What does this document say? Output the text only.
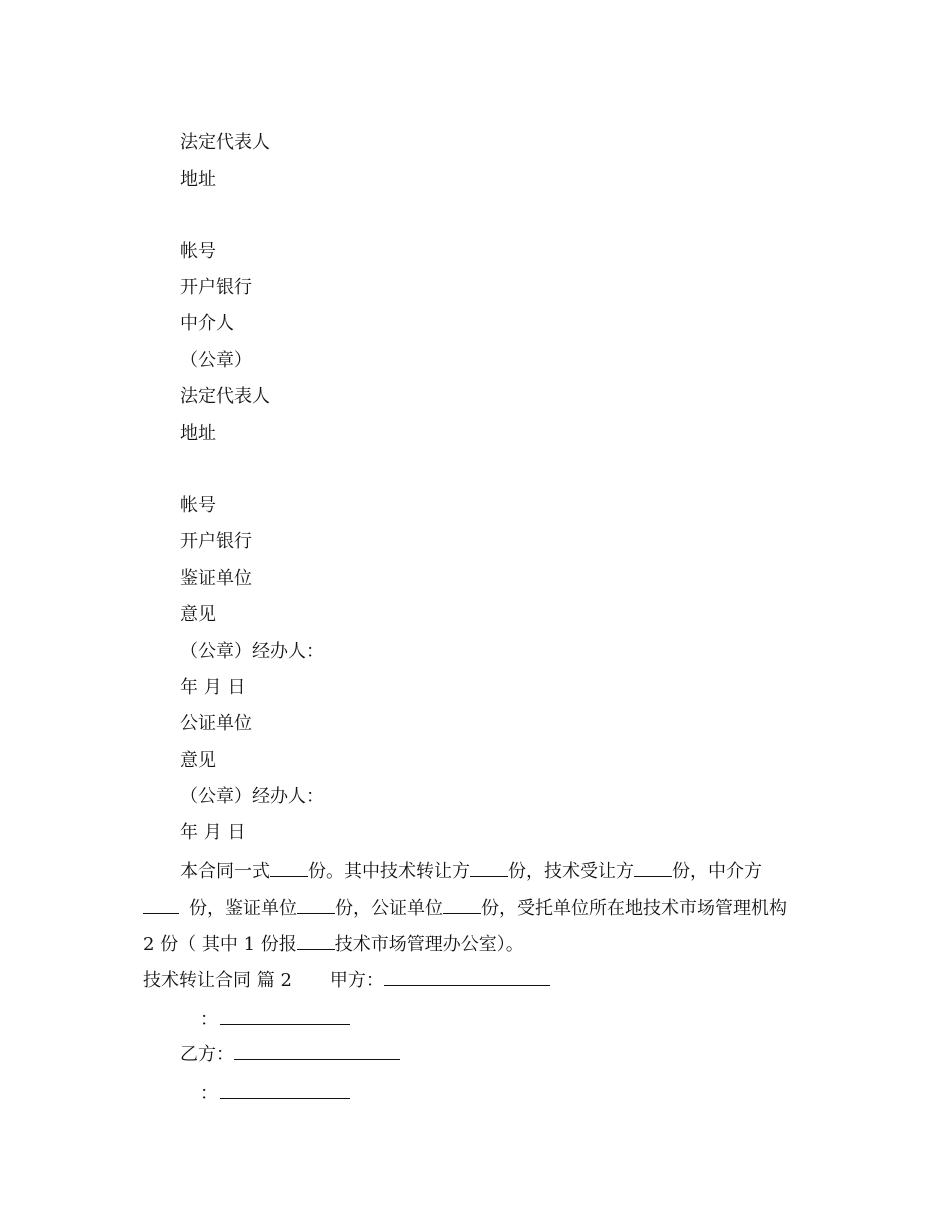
法定代表人
地址
帐号
开户银行
中介人
（公章）
法定代表人
地址
帐号
开户银行
鉴证单位
意见
（公章）经办人：
年 月 日
公证单位
意见
（公章）经办人：
年 月 日
本合同一式 份。其中技术转让方 份，技术受让方 份，中介方
份，鉴证单位 份，公证单位 份，受托单位所在地技术市场管理机构
2 份（ 其中 1 份报 技术市场管理办公室）。
技术转让合同 篇 2 甲方：
：
乙方：
：
